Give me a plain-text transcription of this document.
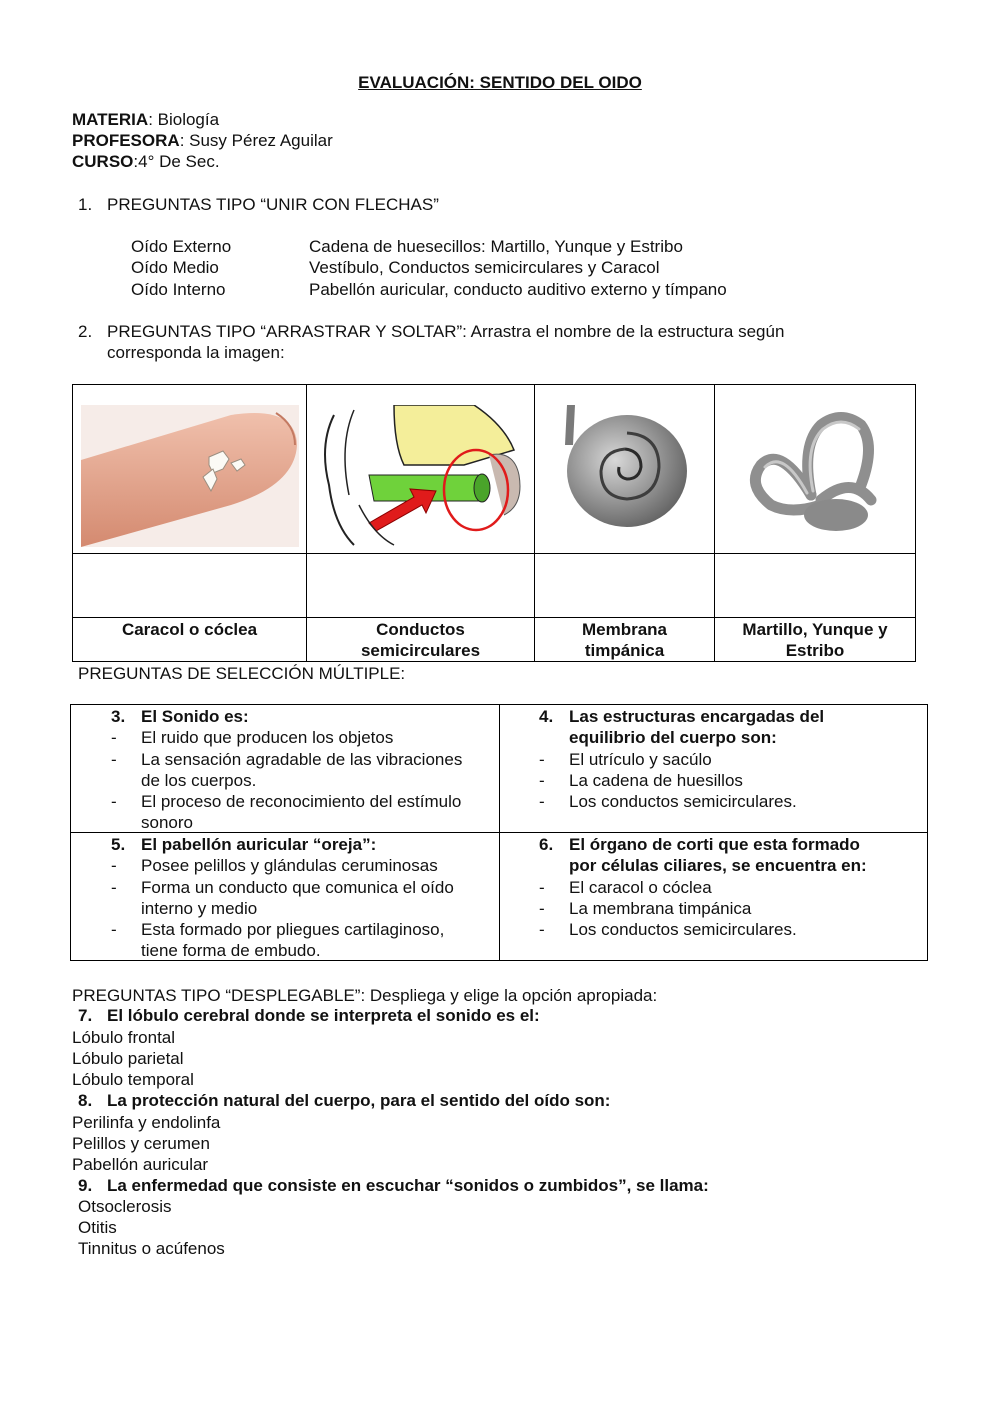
EVALUACIÓN: SENTIDO DEL OIDO
MATERIA: Biología
PROFESORA: Susy Pérez Aguilar
CURSO:4° De Sec.
1. PREGUNTAS TIPO “UNIR CON FLECHAS”
Oído Externo
Oído Medio
Oído Interno
Cadena de huesecillos: Martillo, Yunque y Estribo
Vestíbulo, Conductos semicirculares y Caracol
Pabellón auricular, conducto auditivo externo y tímpano
2. PREGUNTAS TIPO “ARRASTRAR Y SOLTAR”: Arrastra el nombre de la estructura según
corresponda la imagen:
Caracol o cóclea	Conductos
semicirculares
Membrana
timpánica
Martillo, Yunque y
Estribo
PREGUNTAS DE SELECCIÓN MÚLTIPLE:
3. El Sonido es:
- El ruido que producen los objetos
- La sensación agradable de las vibraciones
de los cuerpos.
- El proceso de reconocimiento del estímulo
sonoro
4. Las estructuras encargadas del
equilibrio del cuerpo son:
- El utrículo y sacúlo
- La cadena de huesillos
- Los conductos semicirculares.
5. El pabellón auricular “oreja”:
- Posee pelillos y glándulas ceruminosas
- Forma un conducto que comunica el oído
interno y medio
- Esta formado por pliegues cartilaginoso,
tiene forma de embudo.
6. El órgano de corti que esta formado
por células ciliares, se encuentra en:
- El caracol o cóclea
- La membrana timpánica
- Los conductos semicirculares.
PREGUNTAS TIPO “DESPLEGABLE”: Despliega y elige la opción apropiada:
7. El lóbulo cerebral donde se interpreta el sonido es el:
Lóbulo frontal
Lóbulo parietal
Lóbulo temporal
8. La protección natural del cuerpo, para el sentido del oído son:
Perilinfa y endolinfa
Pelillos y cerumen
Pabellón auricular
9. La enfermedad que consiste en escuchar “sonidos o zumbidos”, se llama:
Otsoclerosis
Otitis
Tinnitus o acúfenos
